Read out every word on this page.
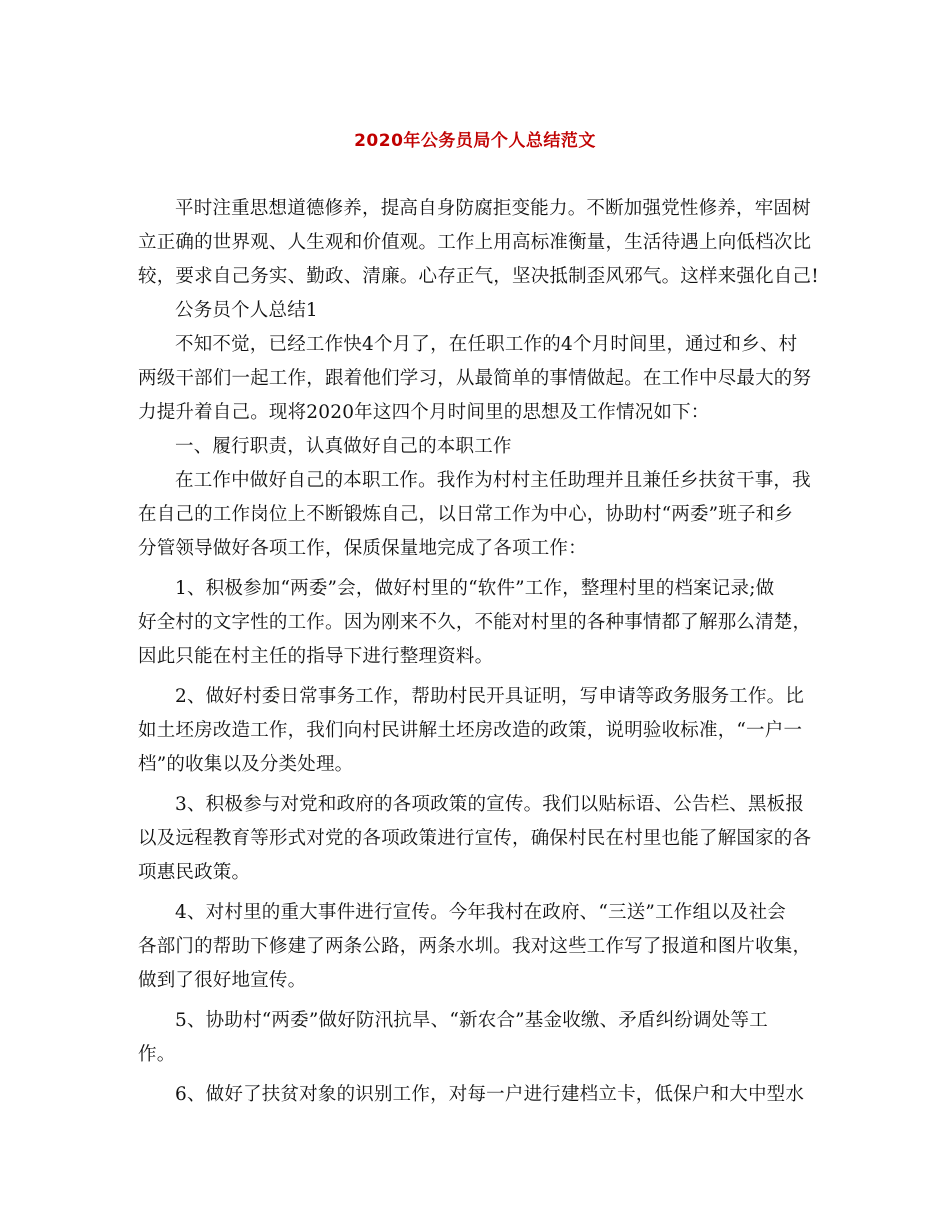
2020年公务员局个人总结范文
平时注重思想道德修养，提高自身防腐拒变能力。不断加强党性修养，牢固树
立正确的世界观、人生观和价值观。工作上用高标准衡量，生活待遇上向低档次比
较，要求自己务实、勤政、清廉。心存正气，坚决抵制歪风邪气。这样来强化自己!
公务员个人总结1
不知不觉，已经工作快4个月了，在任职工作的4个月时间里，通过和乡、村
两级干部们一起工作，跟着他们学习，从最简单的事情做起。在工作中尽最大的努
力提升着自己。现将2020年这四个月时间里的思想及工作情况如下：
一、履行职责，认真做好自己的本职工作
在工作中做好自己的本职工作。我作为村村主任助理并且兼任乡扶贫干事，我
在自己的工作岗位上不断锻炼自己，以日常工作为中心，协助村“两委”班子和乡
分管领导做好各项工作，保质保量地完成了各项工作：
1、积极参加“两委”会，做好村里的“软件”工作，整理村里的档案记录;做
好全村的文字性的工作。因为刚来不久，不能对村里的各种事情都了解那么清楚，
因此只能在村主任的指导下进行整理资料。
2、做好村委日常事务工作，帮助村民开具证明，写申请等政务服务工作。比
如土坯房改造工作，我们向村民讲解土坯房改造的政策，说明验收标准，“一户一
档”的收集以及分类处理。
3、积极参与对党和政府的各项政策的宣传。我们以贴标语、公告栏、黑板报
以及远程教育等形式对党的各项政策进行宣传，确保村民在村里也能了解国家的各
项惠民政策。
4、对村里的重大事件进行宣传。今年我村在政府、“三送”工作组以及社会
各部门的帮助下修建了两条公路，两条水圳。我对这些工作写了报道和图片收集，
做到了很好地宣传。
5、协助村“两委”做好防汛抗旱、“新农合”基金收缴、矛盾纠纷调处等工
作。
6、做好了扶贫对象的识别工作，对每一户进行建档立卡，低保户和大中型水
